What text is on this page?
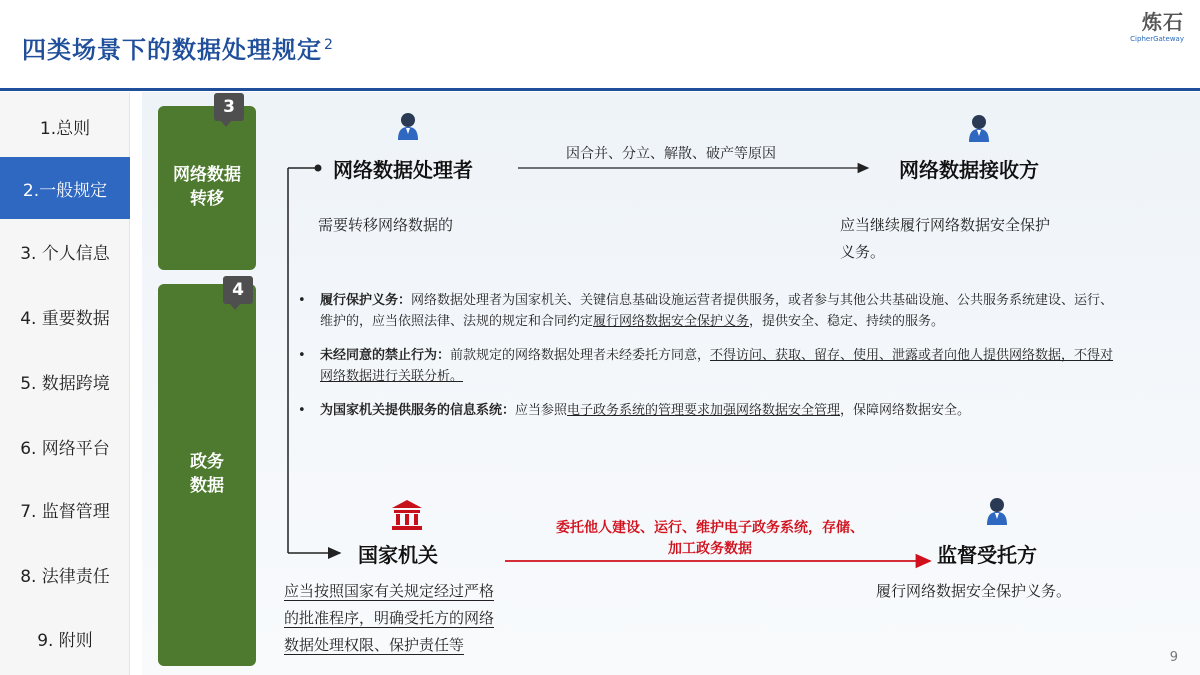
四类场景下的数据处理规定 $^2$
炼石
CipherGateway
1.总则
2.一般规定
3. 个人信息
4. 重要数据
5. 数据跨境
6. 网络平台
7. 监督管理
8. 法律责任
9. 附则
网络数据
转移
3
政务
数据
4
网络数据处理者
因合并、分立、解散、破产等原因
网络数据接收方
需要转移网络数据的	应当继续履行网络数据安全保护
义务。
• 履行保护义务：网络数据处理者为国家机关、关键信息基础设施运营者提供服务，或者参与其他公共基础设施、公共服务系统建设、运行、维护的，应当依照法律、法规的规定和合同约定履行网络数据安全保护义务，提供安全、稳定、持续的服务。
• 未经同意的禁止行为：前款规定的网络数据处理者未经委托方同意，不得访问、获取、留存、使用、泄露或者向他人提供网络数据，不得对网络数据进行关联分析。
• 为国家机关提供服务的信息系统：应当参照电子政务系统的管理要求加强网络数据安全管理，保障网络数据安全。
国家机关
委托他人建设、运行、维护电子政务系统，存储、
加工政务数据	监督受托方
应当按照国家有关规定经过严格
的批准程序，明确受托方的网络
数据处理权限、保护责任等
履行网络数据安全保护义务。
9
